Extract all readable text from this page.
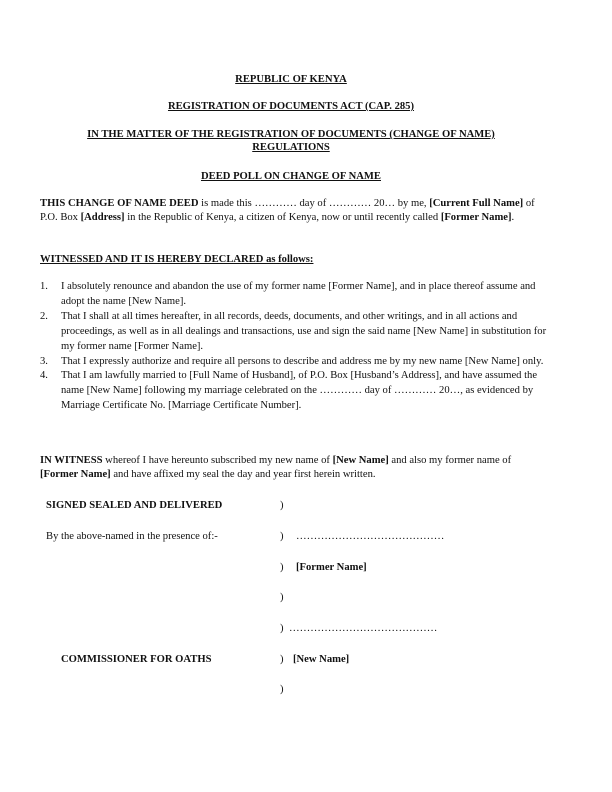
REPUBLIC OF KENYA
REGISTRATION OF DOCUMENTS ACT (CAP. 285)
IN THE MATTER OF THE REGISTRATION OF DOCUMENTS (CHANGE OF NAME)
REGULATIONS
DEED POLL ON CHANGE OF NAME
THIS CHANGE OF NAME DEED is made this ………… day of ………… 20… by me, [Current Full Name] of P.O. Box [Address] in the Republic of Kenya, a citizen of Kenya, now or until recently called [Former Name].
WITNESSED AND IT IS HEREBY DECLARED as follows:
1. I absolutely renounce and abandon the use of my former name [Former Name], and in place thereof assume and adopt the name [New Name].
2. That I shall at all times hereafter, in all records, deeds, documents, and other writings, and in all actions and proceedings, as well as in all dealings and transactions, use and sign the said name [New Name] in substitution for my former name [Former Name].
3. That I expressly authorize and require all persons to describe and address me by my new name [New Name] only.
4. That I am lawfully married to [Full Name of Husband], of P.O. Box [Husband’s Address], and have assumed the name [New Name] following my marriage celebrated on the ………… day of ………… 20…, as evidenced by Marriage Certificate No. [Marriage Certificate Number].
IN WITNESS whereof I have hereunto subscribed my new name of [New Name] and also my former name of [Former Name] and have affixed my seal the day and year first herein written.
SIGNED SEALED AND DELIVERED	)
By the above-named in the presence of:-	) ……………………………………
) [Former Name]
)
) ……………………………………
COMMISSIONER FOR OATHS	) [New Name]
)
